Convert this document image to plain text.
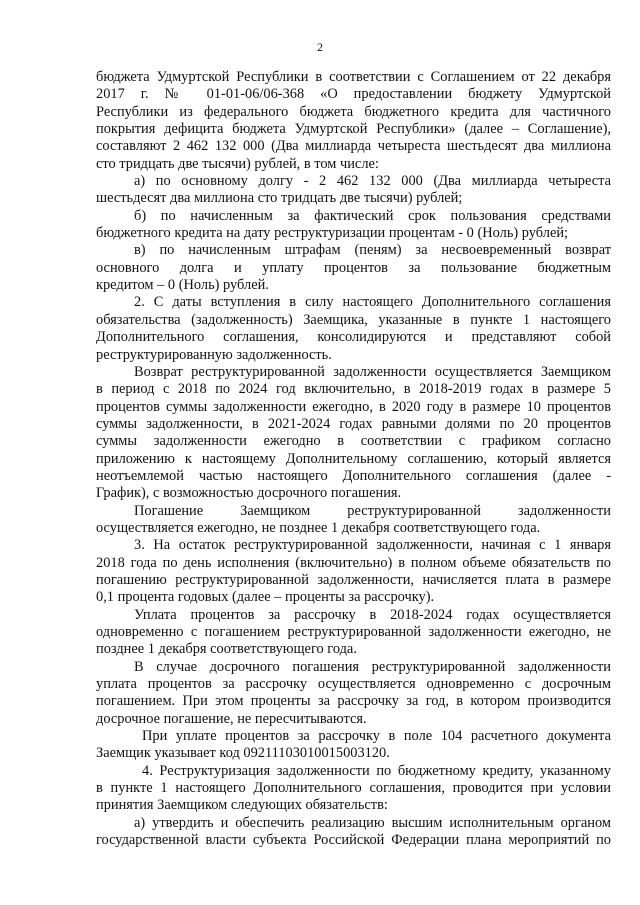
2

бюджета Удмуртской Республики в соответствии с Соглашением от 22 декабря

2017 г. № 01-01-06/06-368 «О предоставлении бюджету Удмуртской

Республики из федерального бюджета бюджетного кредита для частичного

покрытия дефицита бюджета Удмуртской Республики» (далее – Соглашение),

составляют 2 462 132 000 (Два миллиарда четыреста шестьдесят два миллиона

сто тридцать две тысячи) рублей, в том числе:

а) по основному долгу - 2 462 132 000 (Два миллиарда четыреста

шестьдесят два миллиона сто тридцать две тысячи) рублей;

б) по начисленным за фактический срок пользования средствами

бюджетного кредита на дату реструктуризации процентам - 0 (Ноль) рублей;

в) по начисленным штрафам (пеням) за несвоевременный возврат

основного долга и уплату процентов за пользование бюджетным

кредитом – 0 (Ноль) рублей.

2. С даты вступления в силу настоящего Дополнительного соглашения

обязательства (задолженность) Заемщика, указанные в пункте 1 настоящего

Дополнительного соглашения, консолидируются и представляют собой

реструктурированную задолженность.

Возврат реструктурированной задолженности осуществляется Заемщиком

в период с 2018 по 2024 год включительно, в 2018-2019 годах в размере 5

процентов суммы задолженности ежегодно, в 2020 году в размере 10 процентов

суммы задолженности, в 2021-2024 годах равными долями по 20 процентов

суммы задолженности ежегодно в соответствии с графиком согласно

приложению к настоящему Дополнительному соглашению, который является

неотъемлемой частью настоящего Дополнительного соглашения (далее -

График), с возможностью досрочного погашения.

Погашение Заемщиком реструктурированной задолженности

осуществляется ежегодно, не позднее 1 декабря соответствующего года.

3. На остаток реструктурированной задолженности, начиная с 1 января

2018 года по день исполнения (включительно) в полном объеме обязательств по

погашению реструктурированной задолженности, начисляется плата в размере

0,1 процента годовых (далее – проценты за рассрочку).

Уплата процентов за рассрочку в 2018-2024 годах осуществляется

одновременно с погашением реструктурированной задолженности ежегодно, не

позднее 1 декабря соответствующего года.

В случае досрочного погашения реструктурированной задолженности

уплата процентов за рассрочку осуществляется одновременно с досрочным

погашением. При этом проценты за рассрочку за год, в котором производится

досрочное погашение, не пересчитываются.

При уплате процентов за рассрочку в поле 104 расчетного документа

Заемщик указывает код 09211103010015003120.

4. Реструктуризация задолженности по бюджетному кредиту, указанному

в пункте 1 настоящего Дополнительного соглашения, проводится при условии

принятия Заемщиком следующих обязательств:

а) утвердить и обеспечить реализацию высшим исполнительным органом

государственной власти субъекта Российской Федерации плана мероприятий по
